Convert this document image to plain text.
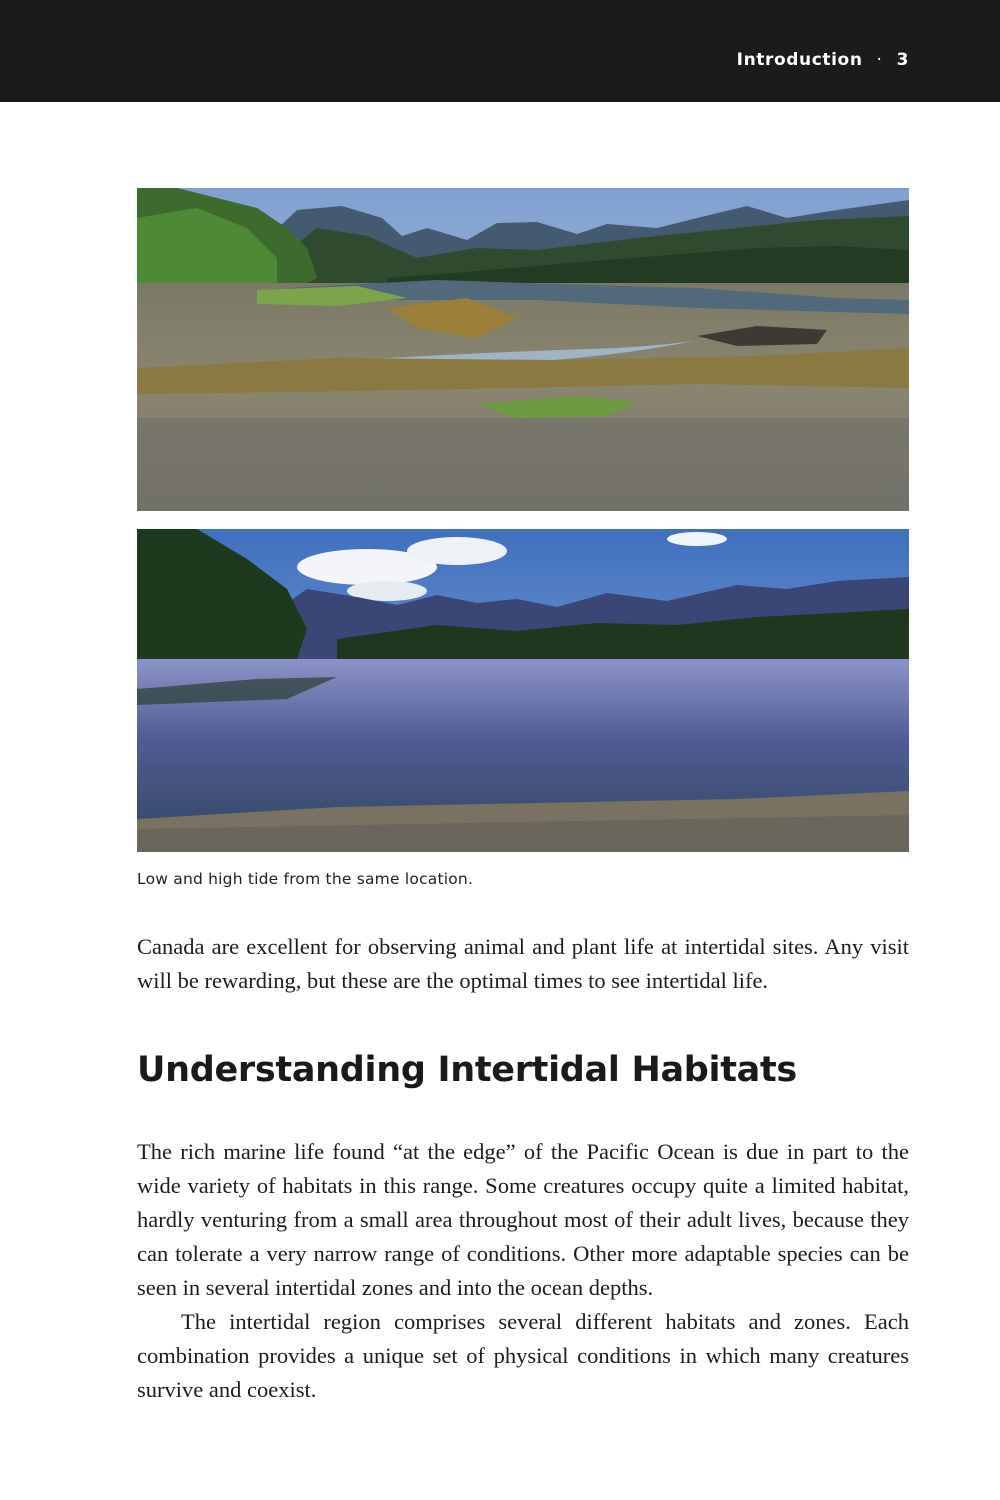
Introduction · 3
Low and high tide from the same location.

Canada are excellent for observing animal and plant life at intertidal sites. Any visit will be rewarding, but these are the optimal times to see intertidal life.

Understanding Intertidal Habitats

The rich marine life found “at the edge” of the Pacific Ocean is due in part to the wide variety of habitats in this range. Some creatures occupy quite a limited habitat, hardly venturing from a small area throughout most of their adult lives, because they can tolerate a very narrow range of conditions. Other more adaptable species can be seen in several intertidal zones and into the ocean depths.

The intertidal region comprises several different habitats and zones. Each combination provides a unique set of physical conditions in which many creatures survive and coexist.
